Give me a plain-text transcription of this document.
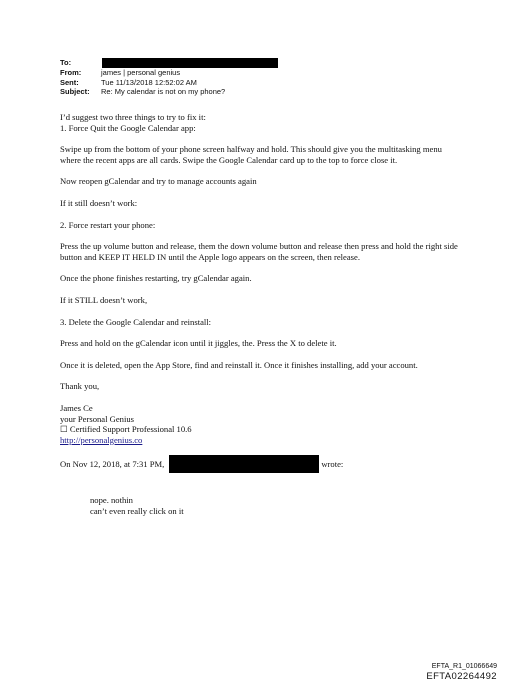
To:
From:	james | personal genius
Sent:	Tue 11/13/2018 12:52:02 AM
Subject:	Re: My calendar is not on my phone?

I’d suggest two three things to try to fix it:

1. Force Quit the Google Calendar app:

Swipe up from the bottom of your phone screen halfway and hold. This should give you the multitasking menu where the recent apps are all cards. Swipe the Google Calendar card up to the top to force close it.

Now reopen gCalendar and try to manage accounts again

If it still doesn’t work:

2. Force restart your phone:

Press the up volume button and release, them the down volume button and release then press and hold the right side button and KEEP IT HELD IN until the Apple logo appears on the screen, then release.

Once the phone finishes restarting, try gCalendar again.

If it STILL doesn’t work,

3. Delete the Google Calendar and reinstall:

Press and hold on the gCalendar icon until it jiggles, the. Press the X to delete it.

Once it is deleted, open the App Store, find and reinstall it. Once it finishes installing, add your account.

Thank you,

James Ce

your Personal Genius

☐ Certified Support Professional 10.6

http://personalgenius.co

On Nov 12, 2018, at 7:31 PM,	wrote:

nope. nothin

can’t even really click on it

EFTA_R1_01066649
EFTA02264492
